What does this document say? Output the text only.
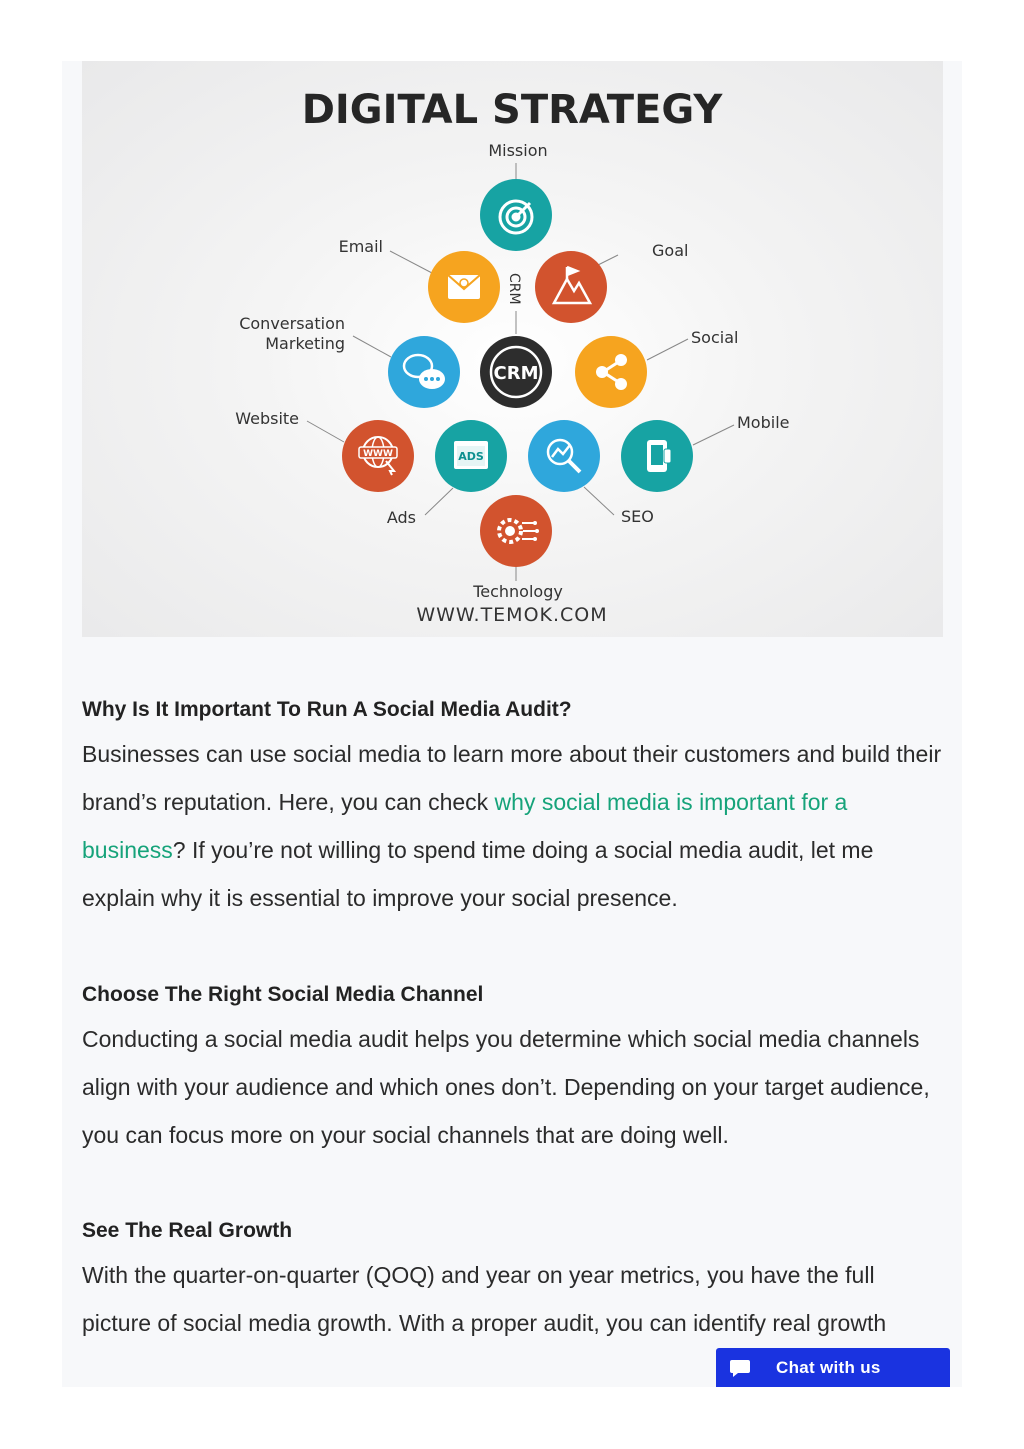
DIGITAL STRATEGY
Mission
Email	Goal
Conversation
Marketing	Social
Website	Mobile
Ads	SEO
Technology
WWW.TEMOK.COM
CRM
CRM
WWW	ADS
Why Is It Important To Run A Social Media Audit?

Businesses can use social media to learn more about their customers and build their brand’s reputation. Here, you can check why social media is important for a business? If you’re not willing to spend time doing a social media audit, let me explain why it is essential to improve your social presence.

Choose The Right Social Media Channel

Conducting a social media audit helps you determine which social media channels align with your audience and which ones don’t. Depending on your target audience, you can focus more on your social channels that are doing well.

See The Real Growth

With the quarter-on-quarter (QOQ) and year on year metrics, you have the full picture of social media growth. With a proper audit, you can identify real growth

Chat with us
